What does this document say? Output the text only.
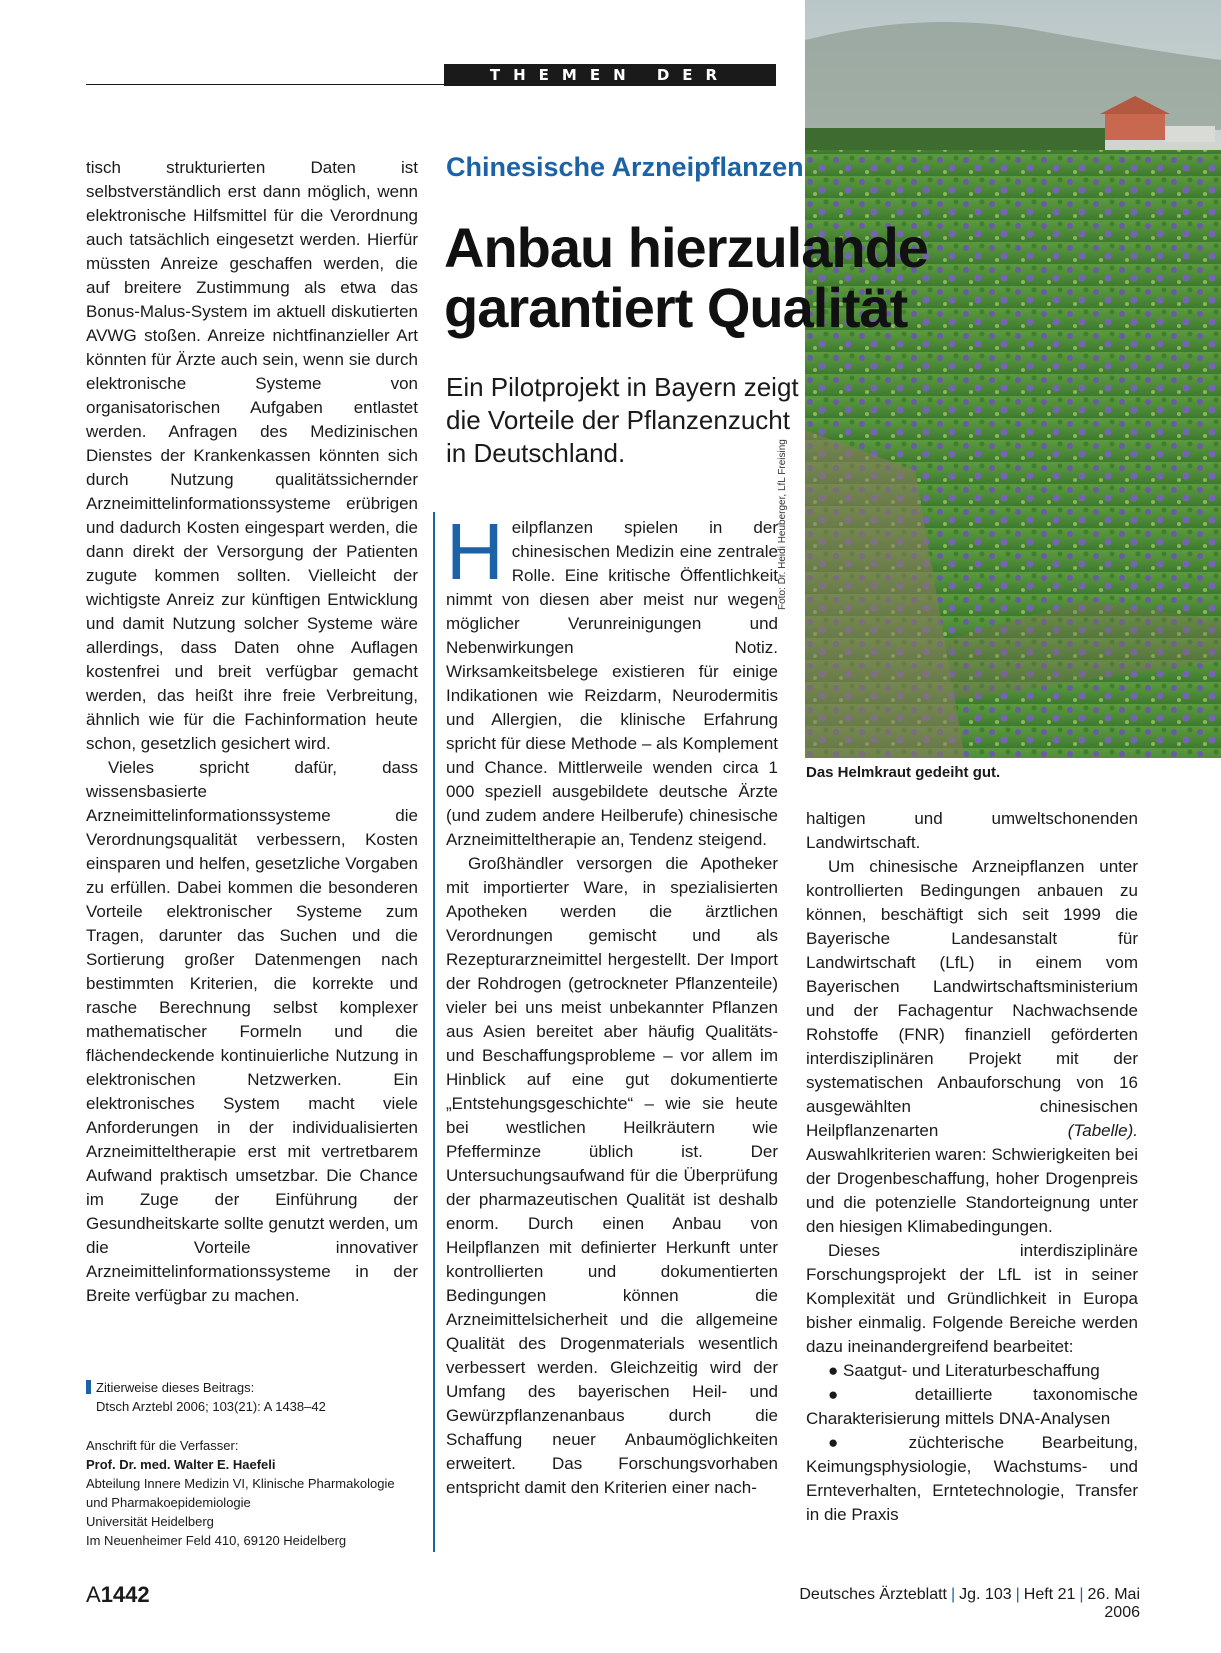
THEMEN DER ZEIT
Foto: Dr. Heidi Heuberger, LfL Freising
Das Helmkraut gedeiht gut.
Chinesische Arzneipflanzen
Anbau hierzulande
garantiert Qualität
Ein Pilotprojekt in Bayern zeigt die Vorteile der Pflanzenzucht in Deutschland.

tisch strukturierten Daten ist selbstverständlich erst dann möglich, wenn elektronische Hilfsmittel für die Verordnung auch tatsächlich eingesetzt werden. Hierfür müssten Anreize geschaffen werden, die auf breitere Zustimmung als etwa das Bonus-Malus-System im aktuell diskutierten AVWG stoßen. Anreize nichtfinanzieller Art könnten für Ärzte auch sein, wenn sie durch elektronische Systeme von organisatorischen Aufgaben entlastet werden. Anfragen des Medizinischen Dienstes der Krankenkassen könnten sich durch Nutzung qualitätssichernder Arzneimittelinformationssysteme erübrigen und dadurch Kosten eingespart werden, die dann direkt der Versorgung der Patienten zugute kommen sollten. Vielleicht der wichtigste Anreiz zur künftigen Entwicklung und damit Nutzung solcher Systeme wäre allerdings, dass Daten ohne Auflagen kostenfrei und breit verfügbar gemacht werden, das heißt ihre freie Verbreitung, ähnlich wie für die Fachinformation heute schon, gesetzlich gesichert wird.

Vieles spricht dafür, dass wissensbasierte Arzneimittelinformationssysteme die Verordnungsqualität verbessern, Kosten einsparen und helfen, gesetzliche Vorgaben zu erfüllen. Dabei kommen die besonderen Vorteile elektronischer Systeme zum Tragen, darunter das Suchen und die Sortierung großer Datenmengen nach bestimmten Kriterien, die korrekte und rasche Berechnung selbst komplexer mathematischer Formeln und die flächendeckende kontinuierliche Nutzung in elektronischen Netzwerken. Ein elektronisches System macht viele Anforderungen in der individualisierten Arzneimitteltherapie erst mit vertretbarem Aufwand praktisch umsetzbar. Die Chance im Zuge der Einführung der Gesundheitskarte sollte genutzt werden, um die Vorteile innovativer Arzneimittelinformationssysteme in der Breite verfügbar zu machen.

Zitierweise dieses Beitrags:
Dtsch Arztebl 2006; 103(21): A 1438–42
Anschrift für die Verfasser:
Prof. Dr. med. Walter E. Haefeli
Abteilung Innere Medizin VI, Klinische Pharmakologie
und Pharmakoepidemiologie
Universität Heidelberg
Im Neuenheimer Feld 410, 69120 Heidelberg

Heilpflanzen spielen in der chinesischen Medizin eine zentrale Rolle. Eine kritische Öffentlichkeit nimmt von diesen aber meist nur wegen möglicher Verunreinigungen und Nebenwirkungen Notiz. Wirksamkeitsbelege existieren für einige Indikationen wie Reizdarm, Neurodermitis und Allergien, die klinische Erfahrung spricht für diese Methode – als Komplement und Chance. Mittlerweile wenden circa 1 000 speziell ausgebildete deutsche Ärzte (und zudem andere Heilberufe) chinesische Arzneimitteltherapie an, Tendenz steigend.

Großhändler versorgen die Apotheker mit importierter Ware, in spezialisierten Apotheken werden die ärztlichen Verordnungen gemischt und als Rezepturarzneimittel hergestellt. Der Import der Rohdrogen (getrockneter Pflanzenteile) vieler bei uns meist unbekannter Pflanzen aus Asien bereitet aber häufig Qualitäts- und Beschaffungsprobleme – vor allem im Hinblick auf eine gut dokumentierte „Entstehungsgeschichte“ – wie sie heute bei westlichen Heilkräutern wie Pfefferminze üblich ist. Der Untersuchungsaufwand für die Überprüfung der pharmazeutischen Qualität ist deshalb enorm. Durch einen Anbau von Heilpflanzen mit definierter Herkunft unter kontrollierten und dokumentierten Bedingungen können die Arzneimittelsicherheit und die allgemeine Qualität des Drogenmaterials wesentlich verbessert werden. Gleichzeitig wird der Umfang des bayerischen Heil- und Gewürzpflanzenanbaus durch die Schaffung neuer Anbaumöglichkeiten erweitert. Das Forschungsvorhaben entspricht damit den Kriterien einer nach-

haltigen und umweltschonenden Landwirtschaft.

Um chinesische Arzneipflanzen unter kontrollierten Bedingungen anbauen zu können, beschäftigt sich seit 1999 die Bayerische Landesanstalt für Landwirtschaft (LfL) in einem vom Bayerischen Landwirtschaftsministerium und der Fachagentur Nachwachsende Rohstoffe (FNR) finanziell geförderten interdisziplinären Projekt mit der systematischen Anbauforschung von 16 ausgewählten chinesischen Heilpflanzenarten	(Tabelle). Auswahlkriterien waren: Schwierigkeiten bei der Drogenbeschaffung, hoher Drogenpreis und die potenzielle Standorteignung unter den hiesigen Klimabedingungen.

Dieses interdisziplinäre Forschungsprojekt der LfL ist in seiner Komplexität und Gründlichkeit in Europa bisher einmalig. Folgende Bereiche werden dazu ineinandergreifend bearbeitet:

● Saatgut- und Literaturbeschaffung

● detaillierte taxonomische Charakterisierung mittels DNA-Analysen

● züchterische Bearbeitung, Keimungsphysiologie, Wachstums- und Ernteverhalten, Erntetechnologie, Transfer in die Praxis

A1442	Deutsches Ärzteblatt | Jg. 103 | Heft 21 | 26. Mai 2006
